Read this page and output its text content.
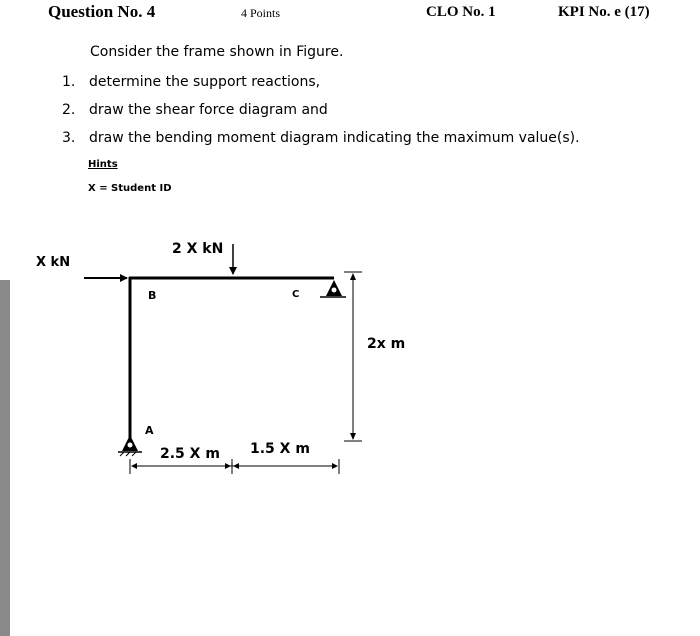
Question No. 4	4 Points	CLO No. 1	KPI No. e (17)
Consider the frame shown in Figure.
1. determine the support reactions,
2. draw the shear force diagram and
3. draw the bending moment diagram indicating the maximum value(s).
Hints
X = Student ID
X kN
2 X kN
B	C
A
2x m
2.5 X m 1.5 X m
